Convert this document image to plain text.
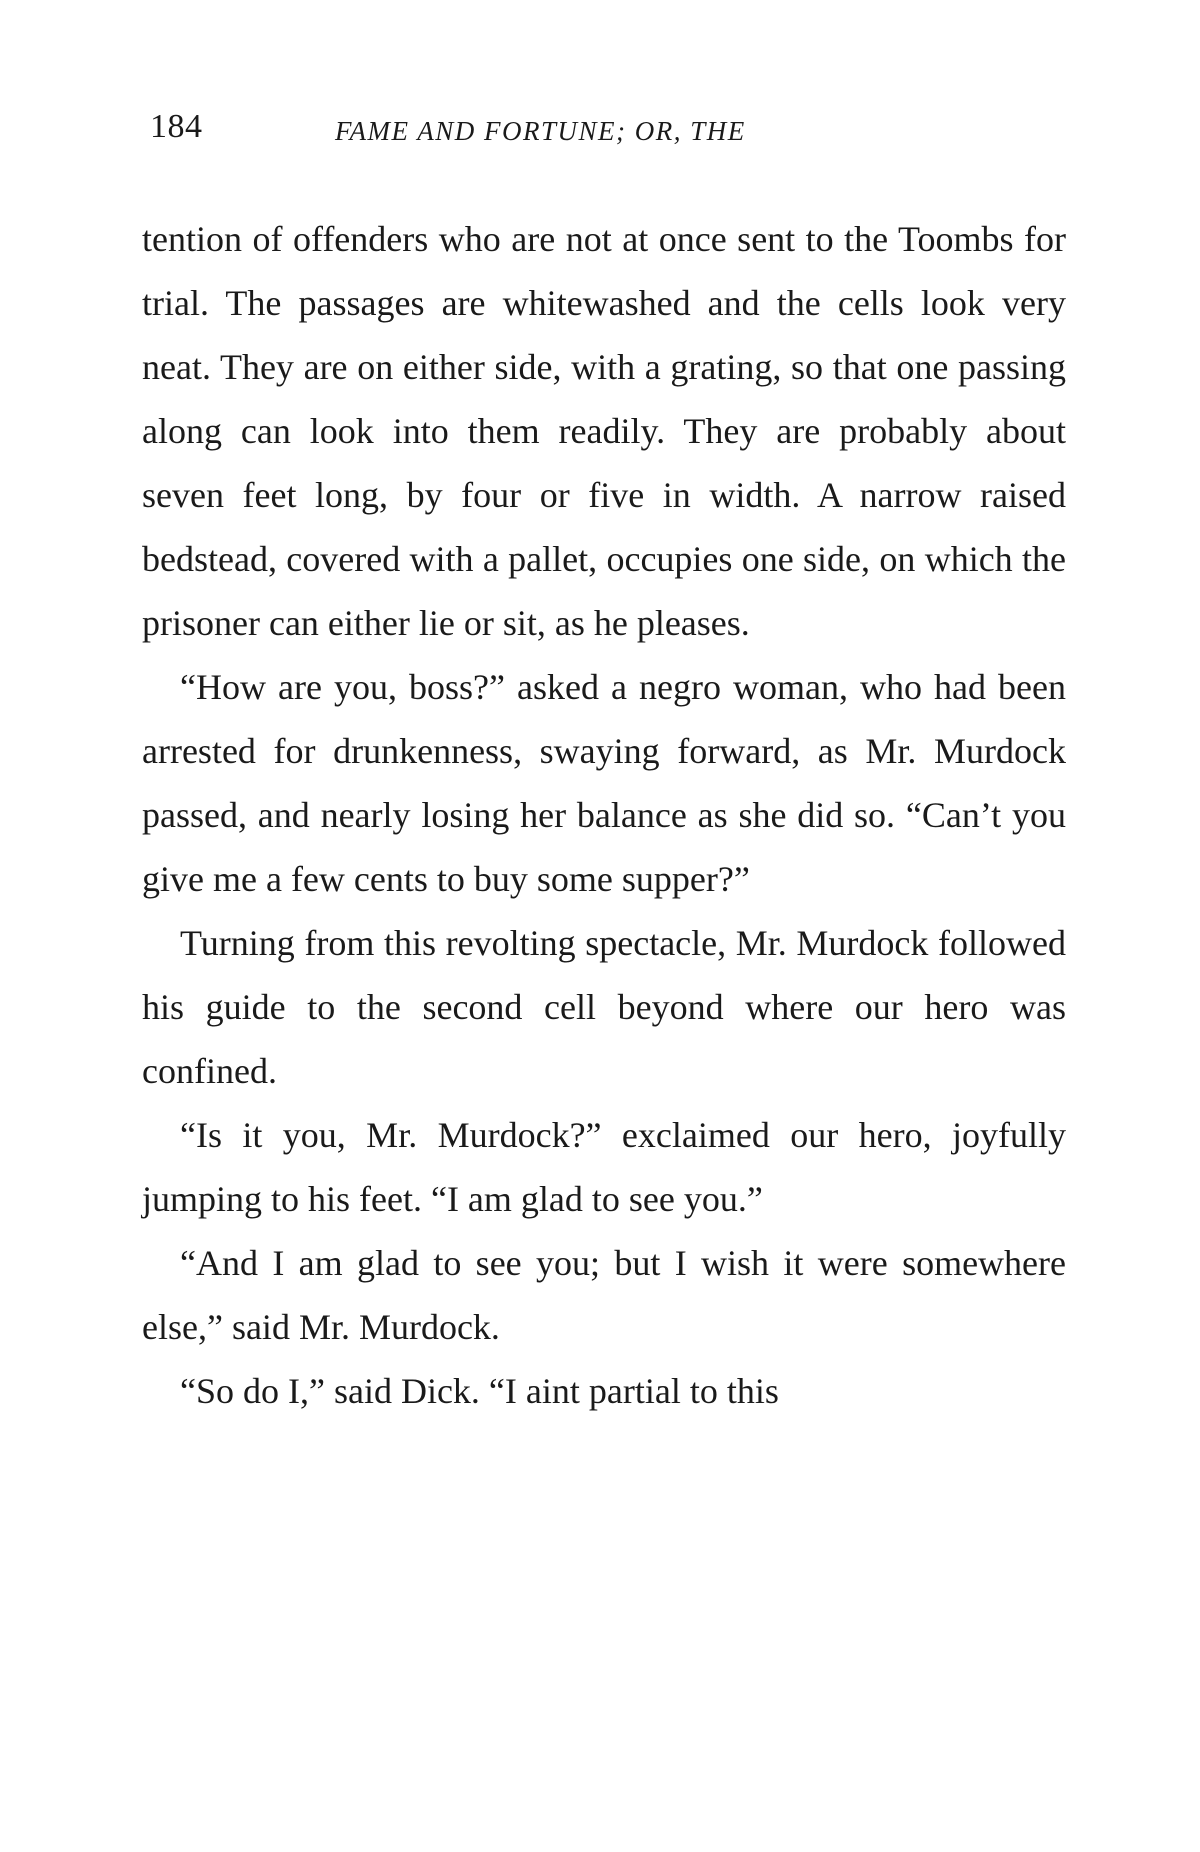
184	FAME AND FORTUNE; OR, THE

tention of offenders who are not at once sent to the Toombs for trial. The passages are whitewashed and the cells look very neat. They are on either side, with a grating, so that one passing along can look into them readily. They are probably about seven feet long, by four or five in width. A narrow raised bedstead, covered with a pallet, occupies one side, on which the prisoner can either lie or sit, as he pleases.

“How are you, boss?” asked a negro woman, who had been arrested for drunkenness, swaying forward, as Mr. Murdock passed, and nearly losing her balance as she did so. “Can’t you give me a few cents to buy some supper?”

Turning from this revolting spectacle, Mr. Murdock followed his guide to the second cell beyond where our hero was confined.

“Is it you, Mr. Murdock?” exclaimed our hero, joyfully jumping to his feet. “I am glad to see you.”

“And I am glad to see you; but I wish it were somewhere else,” said Mr. Murdock.

“So do I,” said Dick. “I aint partial to this
